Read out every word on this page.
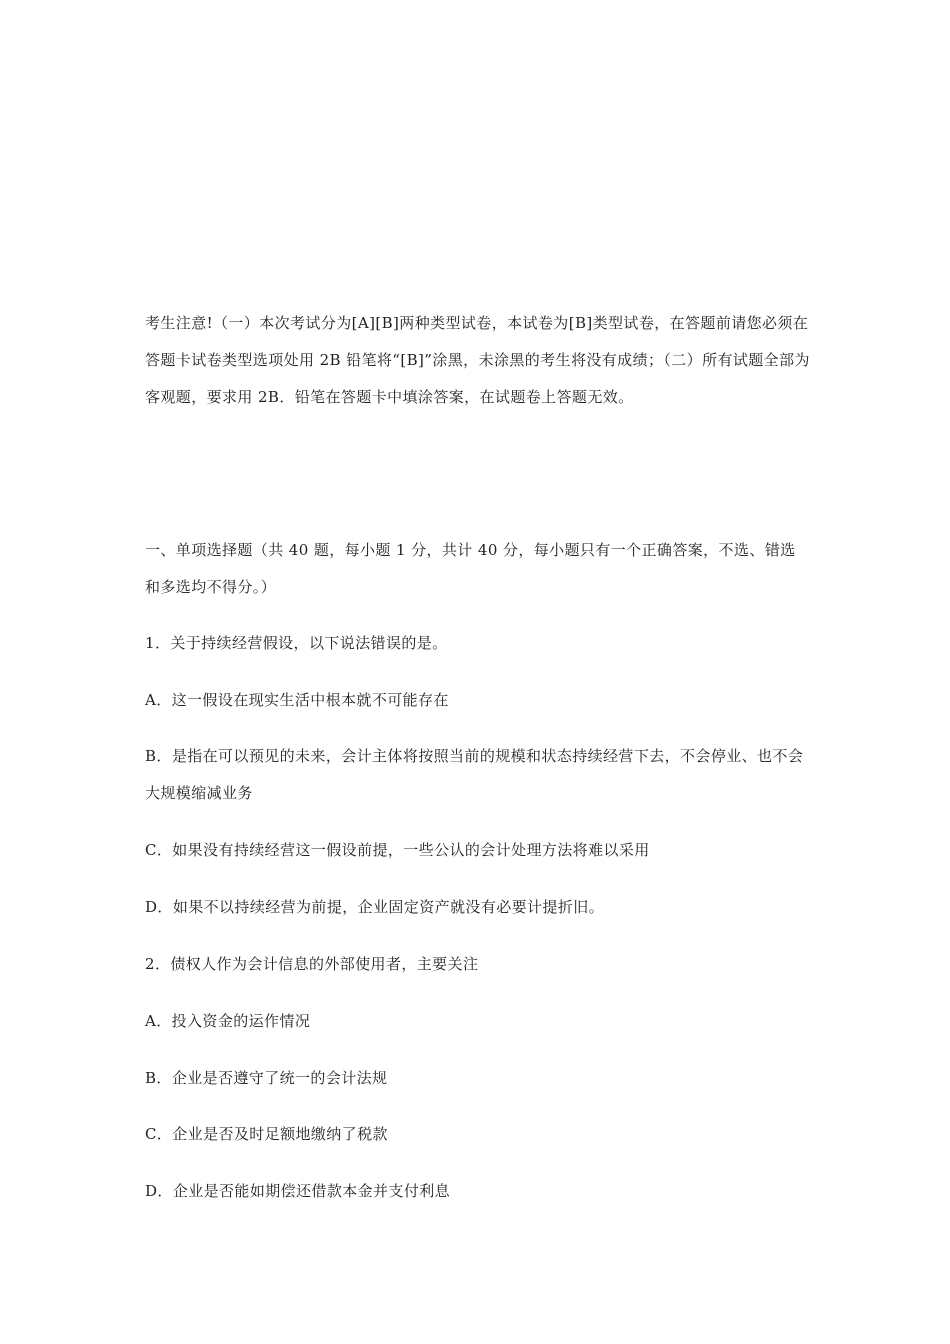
考生注意!（一）本次考试分为[A][B]两种类型试卷，本试卷为[B]类型试卷，在答题前请您必须在答题卡试卷类型选项处用 2B 铅笔将“[B]”涂黑，未涂黑的考生将没有成绩；（二）所有试题全部为客观题，要求用 2B．铅笔在答题卡中填涂答案，在试题卷上答题无效。

一、单项选择题（共 40 题，每小题 1 分，共计 40 分，每小题只有一个正确答案，不选、错选和多选均不得分。）

1．关于持续经营假设，以下说法错误的是。

A．这一假设在现实生活中根本就不可能存在

B．是指在可以预见的未来，会计主体将按照当前的规模和状态持续经营下去，不会停业、也不会大规模缩减业务

C．如果没有持续经营这一假设前提，一些公认的会计处理方法将难以采用

D．如果不以持续经营为前提，企业固定资产就没有必要计提折旧。

2．债权人作为会计信息的外部使用者，主要关注

A．投入资金的运作情况

B．企业是否遵守了统一的会计法规

C．企业是否及时足额地缴纳了税款

D．企业是否能如期偿还借款本金并支付利息
